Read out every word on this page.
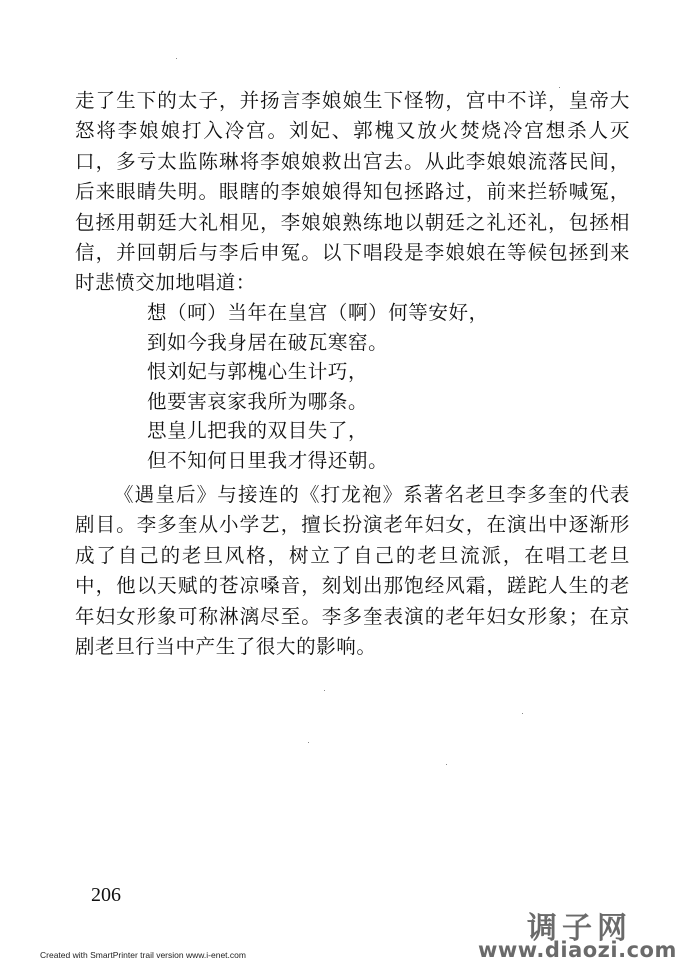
走了生下的太子，并扬言李娘娘生下怪物，宫中不详，皇帝大怒将李娘娘打入冷宫。刘妃、郭槐又放火焚烧冷宫想杀人灭口，多亏太监陈琳将李娘娘救出宫去。从此李娘娘流落民间，后来眼睛失明。眼瞎的李娘娘得知包拯路过，前来拦轿喊冤，包拯用朝廷大礼相见，李娘娘熟练地以朝廷之礼还礼，包拯相信，并回朝后与李后申冤。以下唱段是李娘娘在等候包拯到来时悲愤交加地唱道：
想（呵）当年在皇宫（啊）何等安好，
到如今我身居在破瓦寒窑。
恨刘妃与郭槐心生计巧，
他要害哀家我所为哪条。
思皇儿把我的双目失了，
但不知何日里我才得还朝。
《遇皇后》与接连的《打龙袍》系著名老旦李多奎的代表剧目。李多奎从小学艺，擅长扮演老年妇女，在演出中逐渐形成了自己的老旦风格，树立了自己的老旦流派，在唱工老旦中，他以天赋的苍凉嗓音，刻划出那饱经风霜，蹉跎人生的老年妇女形象可称淋漓尽至。李多奎表演的老年妇女形象；在京剧老旦行当中产生了很大的影响。
206
Created with SmartPrinter trail version www.i-enet.com
调子网
www.diaozi.com
